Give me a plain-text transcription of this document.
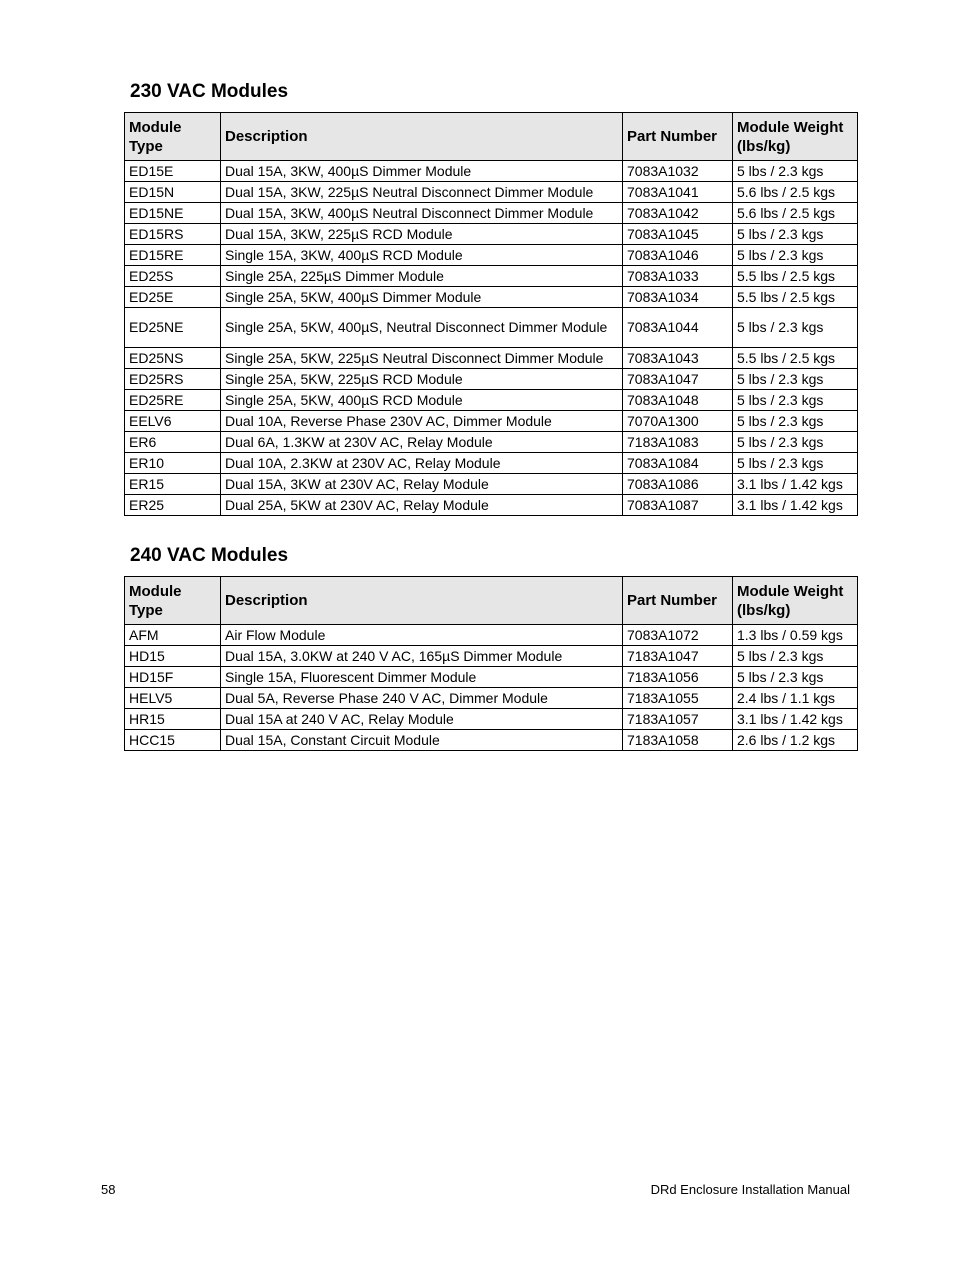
230 VAC Modules
Module Type	Description	Part Number	Module Weight (lbs/kg)
ED15E	Dual 15A, 3KW, 400µS Dimmer Module	7083A1032	5 lbs / 2.3 kgs
ED15N	Dual 15A, 3KW, 225µS Neutral Disconnect Dimmer Module	7083A1041	5.6 lbs / 2.5 kgs
ED15NE	Dual 15A, 3KW, 400µS Neutral Disconnect Dimmer Module	7083A1042	5.6 lbs / 2.5 kgs
ED15RS	Dual 15A, 3KW, 225µS RCD Module	7083A1045	5 lbs / 2.3 kgs
ED15RE	Single 15A, 3KW, 400µS RCD Module	7083A1046	5 lbs / 2.3 kgs
ED25S	Single 25A, 225µS Dimmer Module	7083A1033	5.5 lbs / 2.5 kgs
ED25E	Single 25A, 5KW, 400µS Dimmer Module	7083A1034	5.5 lbs / 2.5 kgs
ED25NE	Single 25A, 5KW, 400µS, Neutral Disconnect Dimmer Module	7083A1044	5 lbs / 2.3 kgs
ED25NS	Single 25A, 5KW, 225µS Neutral Disconnect Dimmer Module	7083A1043	5.5 lbs / 2.5 kgs
ED25RS	Single 25A, 5KW, 225µS RCD Module	7083A1047	5 lbs / 2.3 kgs
ED25RE	Single 25A, 5KW, 400µS RCD Module	7083A1048	5 lbs / 2.3 kgs
EELV6	Dual 10A, Reverse Phase 230V AC, Dimmer Module	7070A1300	5 lbs / 2.3 kgs
ER6	Dual 6A, 1.3KW at 230V AC, Relay Module	7183A1083	5 lbs / 2.3 kgs
ER10	Dual 10A, 2.3KW at 230V AC, Relay Module	7083A1084	5 lbs / 2.3 kgs
ER15	Dual 15A, 3KW at 230V AC, Relay Module	7083A1086	3.1 lbs / 1.42 kgs
ER25	Dual 25A, 5KW at 230V AC, Relay Module	7083A1087	3.1 lbs / 1.42 kgs
240 VAC Modules
Module Type	Description	Part Number	Module Weight (lbs/kg)
AFM	Air Flow Module	7083A1072	1.3 lbs / 0.59 kgs
HD15	Dual 15A, 3.0KW at 240 V AC, 165µS Dimmer Module	7183A1047	5 lbs / 2.3 kgs
HD15F	Single 15A, Fluorescent Dimmer Module	7183A1056	5 lbs / 2.3 kgs
HELV5	Dual 5A, Reverse Phase 240 V AC, Dimmer Module	7183A1055	2.4 lbs / 1.1 kgs
HR15	Dual 15A at 240 V AC, Relay Module	7183A1057	3.1 lbs / 1.42 kgs
HCC15	Dual 15A, Constant Circuit Module	7183A1058	2.6 lbs / 1.2 kgs
58	DRd Enclosure Installation Manual
